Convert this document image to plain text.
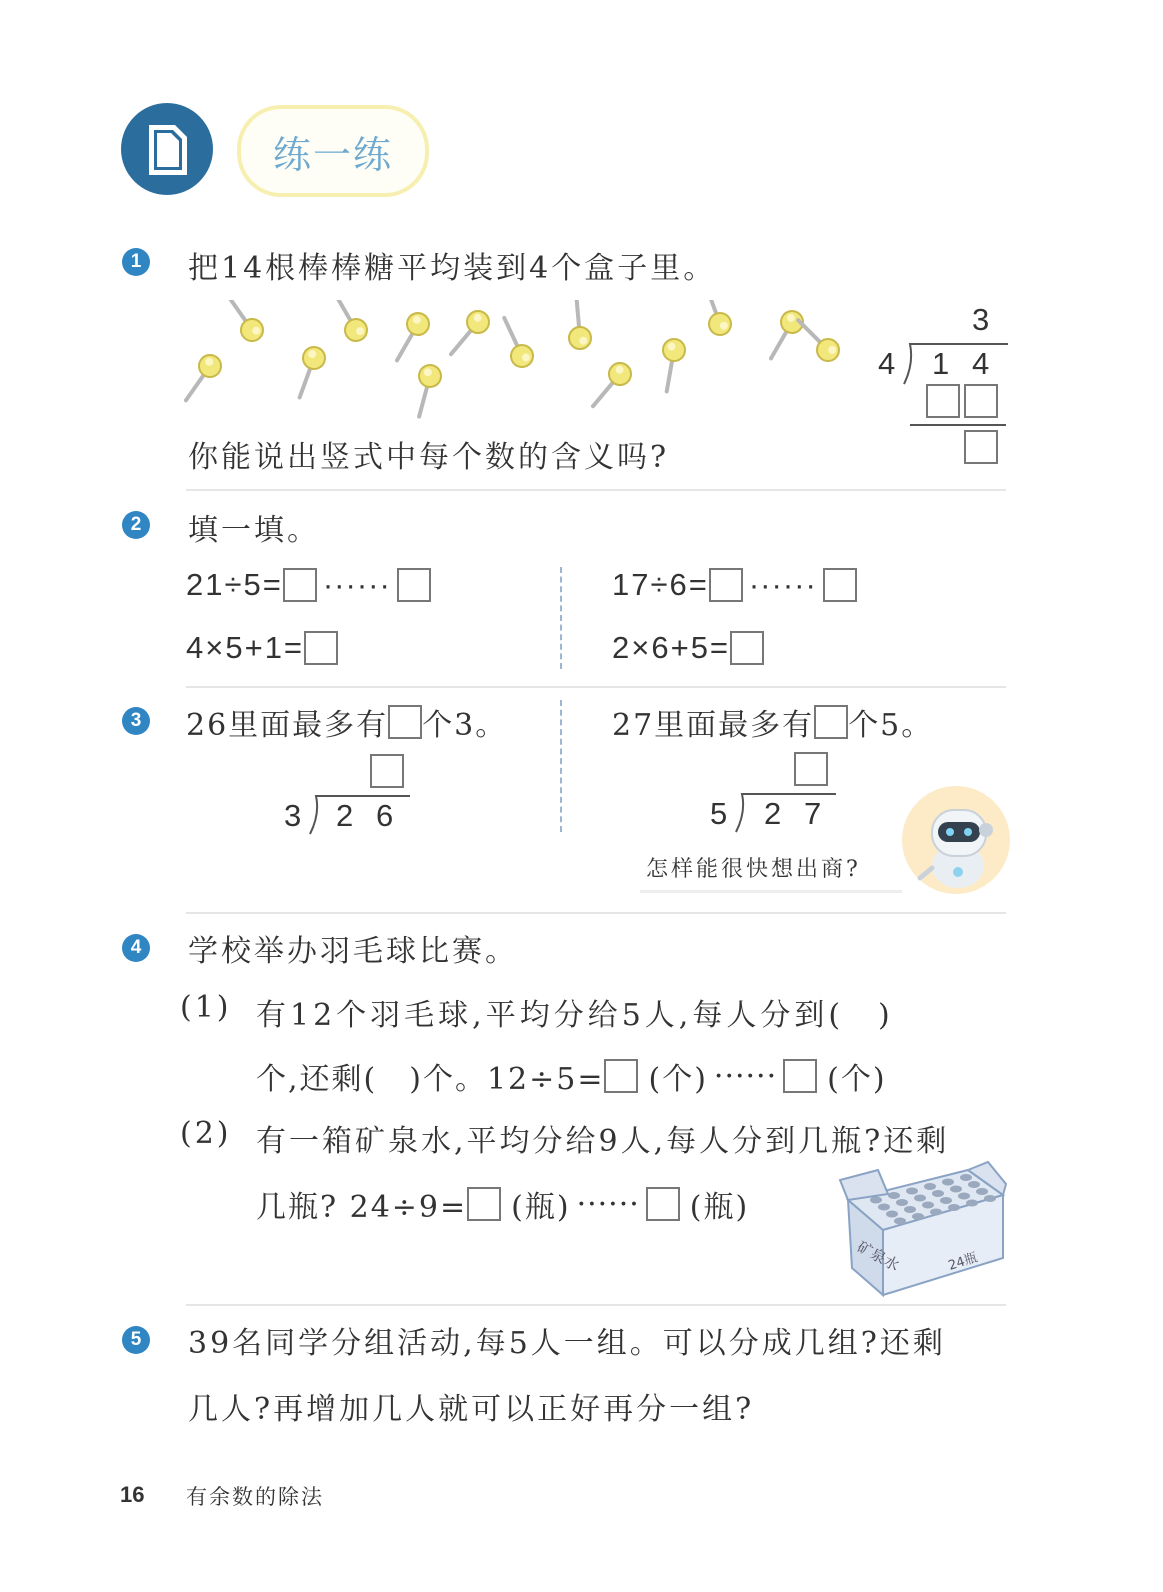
练一练
1 把14根棒棒糖平均装到4个盒子里。
3
4 1 4
你能说出竖式中每个数的含义吗?
2 填一填。
21÷5= ······
4×5+1=
17÷6= ······
2×6+5=
3 26里面最多有 个3。
3 2 6
27里面最多有 个5。
5 2 7
怎样能很快想出商?
4 学校举办羽毛球比赛。
(1) 有12个羽毛球,平均分给5人,每人分到(　)
个,还剩(　)个。12÷5= (个) ······ (个)
(2) 有一箱矿泉水,平均分给9人,每人分到几瓶?还剩
几瓶? 24÷9= (瓶) ······ (瓶)
矿泉水	24瓶
5 39名同学分组活动,每5人一组。可以分成几组?还剩
几人?再增加几人就可以正好再分一组?
16 有余数的除法
